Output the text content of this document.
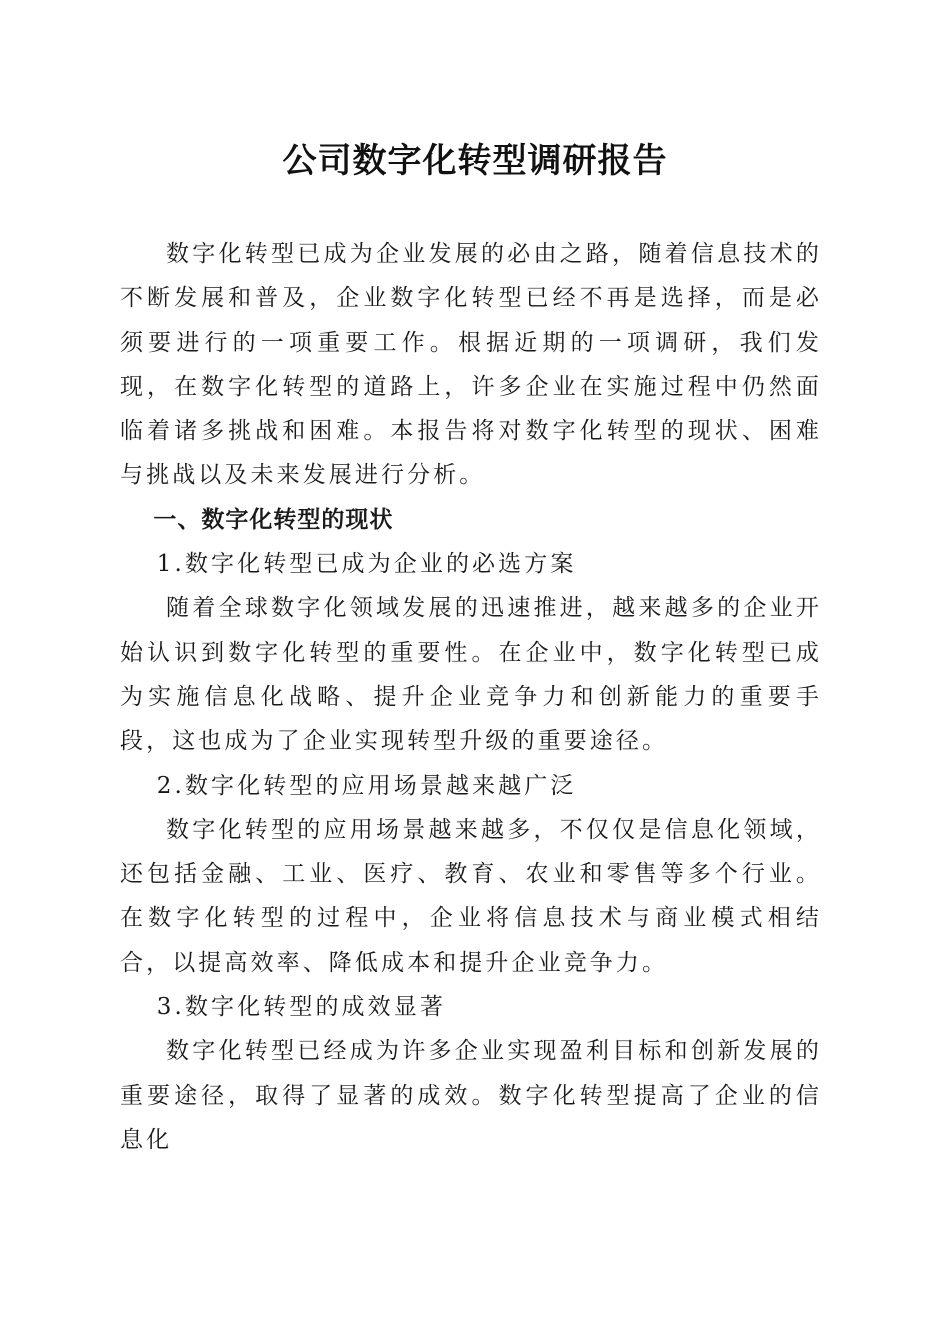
公司数字化转型调研报告

数字化转型已成为企业发展的必由之路，随着信息技术的不断发展和普及，企业数字化转型已经不再是选择，而是必须要进行的一项重要工作。根据近期的一项调研，我们发现，在数字化转型的道路上，许多企业在实施过程中仍然面临着诸多挑战和困难。本报告将对数字化转型的现状、困难与挑战以及未来发展进行分析。

一、数字化转型的现状

1.数字化转型已成为企业的必选方案

随着全球数字化领域发展的迅速推进，越来越多的企业开始认识到数字化转型的重要性。在企业中，数字化转型已成为实施信息化战略、提升企业竞争力和创新能力的重要手段，这也成为了企业实现转型升级的重要途径。

2.数字化转型的应用场景越来越广泛

数字化转型的应用场景越来越多，不仅仅是信息化领域，还包括金融、工业、医疗、教育、农业和零售等多个行业。在数字化转型的过程中，企业将信息技术与商业模式相结合，以提高效率、降低成本和提升企业竞争力。

3.数字化转型的成效显著

数字化转型已经成为许多企业实现盈利目标和创新发展的重要途径，取得了显著的成效。数字化转型提高了企业的信息化
